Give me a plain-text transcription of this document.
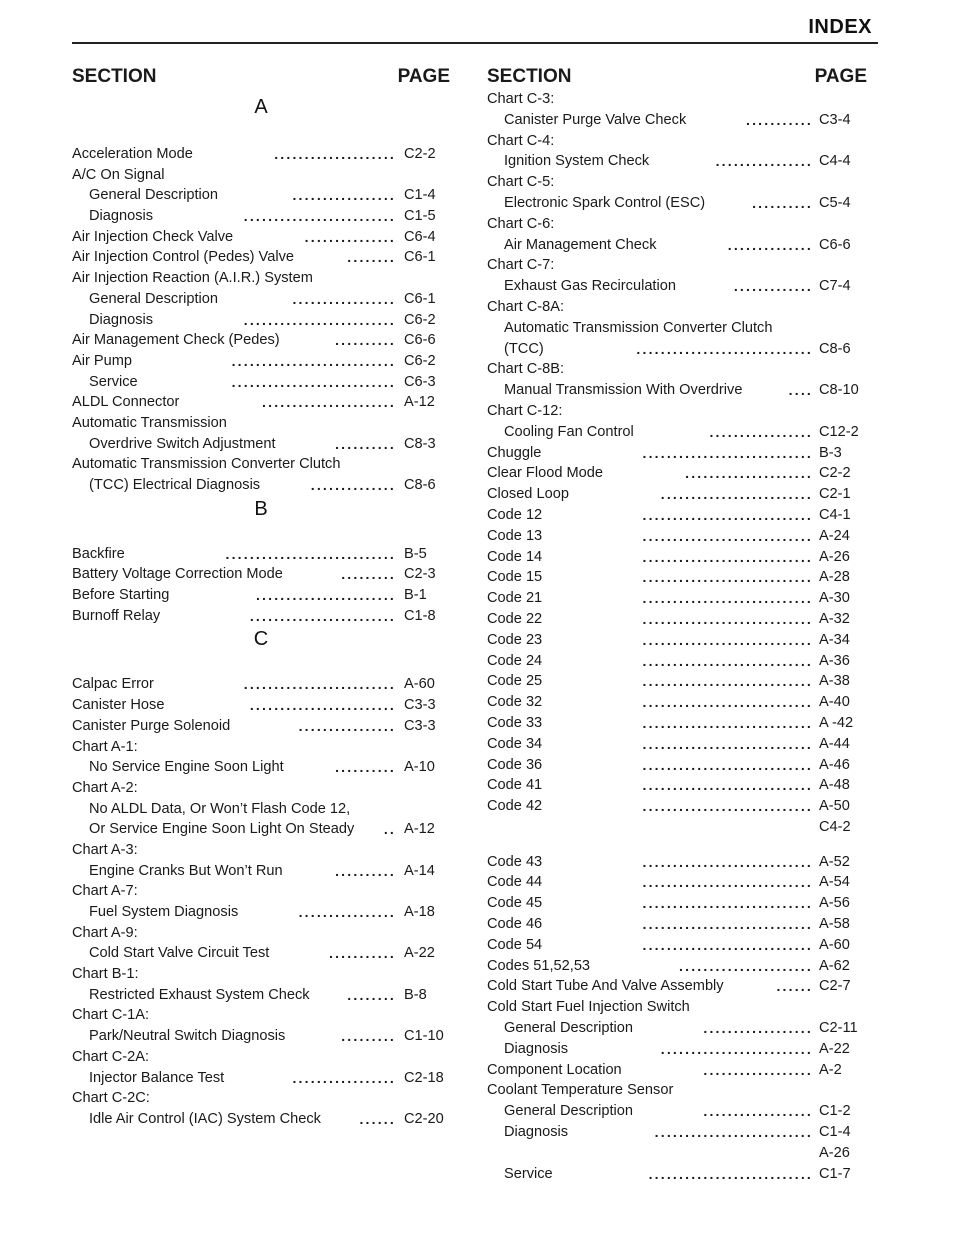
INDEX
SECTION	PAGE
A
Acceleration Mode	.................... C2-2
A/C On Signal
General Description	................. C1-4
Diagnosis	......................... C1-5
Air Injection Check Valve	............... C6-4
Air Injection Control (Pedes) Valve	........ C6-1
Air Injection Reaction (A.I.R.) System
General Description	................. C6-1
Diagnosis	......................... C6-2
Air Management Check (Pedes)	.......... C6-6
Air Pump	........................... C6-2
Service	........................... C6-3
ALDL Connector	...................... A-12
Automatic Transmission
Overdrive Switch Adjustment	.......... C8-3
Automatic Transmission Converter Clutch
(TCC) Electrical Diagnosis	.............. C8-6
B
Backfire	............................ B-5
Battery Voltage Correction Mode	......... C2-3
Before Starting	....................... B-1
Burnoff Relay	........................ C1-8
C
Calpac Error	......................... A-60
Canister Hose	........................ C3-3
Canister Purge Solenoid	................ C3-3
Chart A-1:
No Service Engine Soon Light	.......... A-10
Chart A-2:
No ALDL Data, Or Won’t Flash Code 12,
Or Service Engine Soon Light On Steady .. A-12
Chart A-3:
Engine Cranks But Won’t Run	.......... A-14
Chart A-7:
Fuel System Diagnosis	................ A-18
Chart A-9:
Cold Start Valve Circuit Test	........... A-22
Chart B-1:
Restricted Exhaust System Check	........ B-8
Chart C-1A:
Park/Neutral Switch Diagnosis	......... C1-10
Chart C-2A:
Injector Balance Test	................. C2-18
Chart C-2C:
Idle Air Control (IAC) System Check	...... C2-20
SECTION	PAGE
Chart C-3:
Canister Purge Valve Check	........... C3-4
Chart C-4:
Ignition System Check	................ C4-4
Chart C-5:
Electronic Spark Control (ESC)	.......... C5-4
Chart C-6:
Air Management Check	.............. C6-6
Chart C-7:
Exhaust Gas Recirculation	............. C7-4
Chart C-8A:
Automatic Transmission Converter Clutch
(TCC)	............................. C8-6
Chart C-8B:
Manual Transmission With Overdrive	.... C8-10
Chart C-12:
Cooling Fan Control	................. C12-2
Chuggle	............................ B-3
Clear Flood Mode	..................... C2-2
Closed Loop	......................... C2-1
Code 12	............................ C4-1
Code 13	............................ A-24
Code 14	............................ A-26
Code 15	............................ A-28
Code 21	............................ A-30
Code 22	............................ A-32
Code 23	............................ A-34
Code 24	............................ A-36
Code 25	............................ A-38
Code 32	............................ A-40
Code 33	............................ A -42
Code 34	............................ A-44
Code 36	............................ A-46
Code 41	............................ A-48
Code 42	............................ A-50
C4-2
Code 43	............................ A-52
Code 44	............................ A-54
Code 45	............................ A-56
Code 46	............................ A-58
Code 54	............................ A-60
Codes 51,52,53	...................... A-62
Cold Start Tube And Valve Assembly	...... C2-7
Cold Start Fuel Injection Switch
General Description	.................. C2-11
Diagnosis	......................... A-22
Component Location	.................. A-2
Coolant Temperature Sensor
General Description	.................. C1-2
Diagnosis	.......................... C1-4
A-26
Service	........................... C1-7
